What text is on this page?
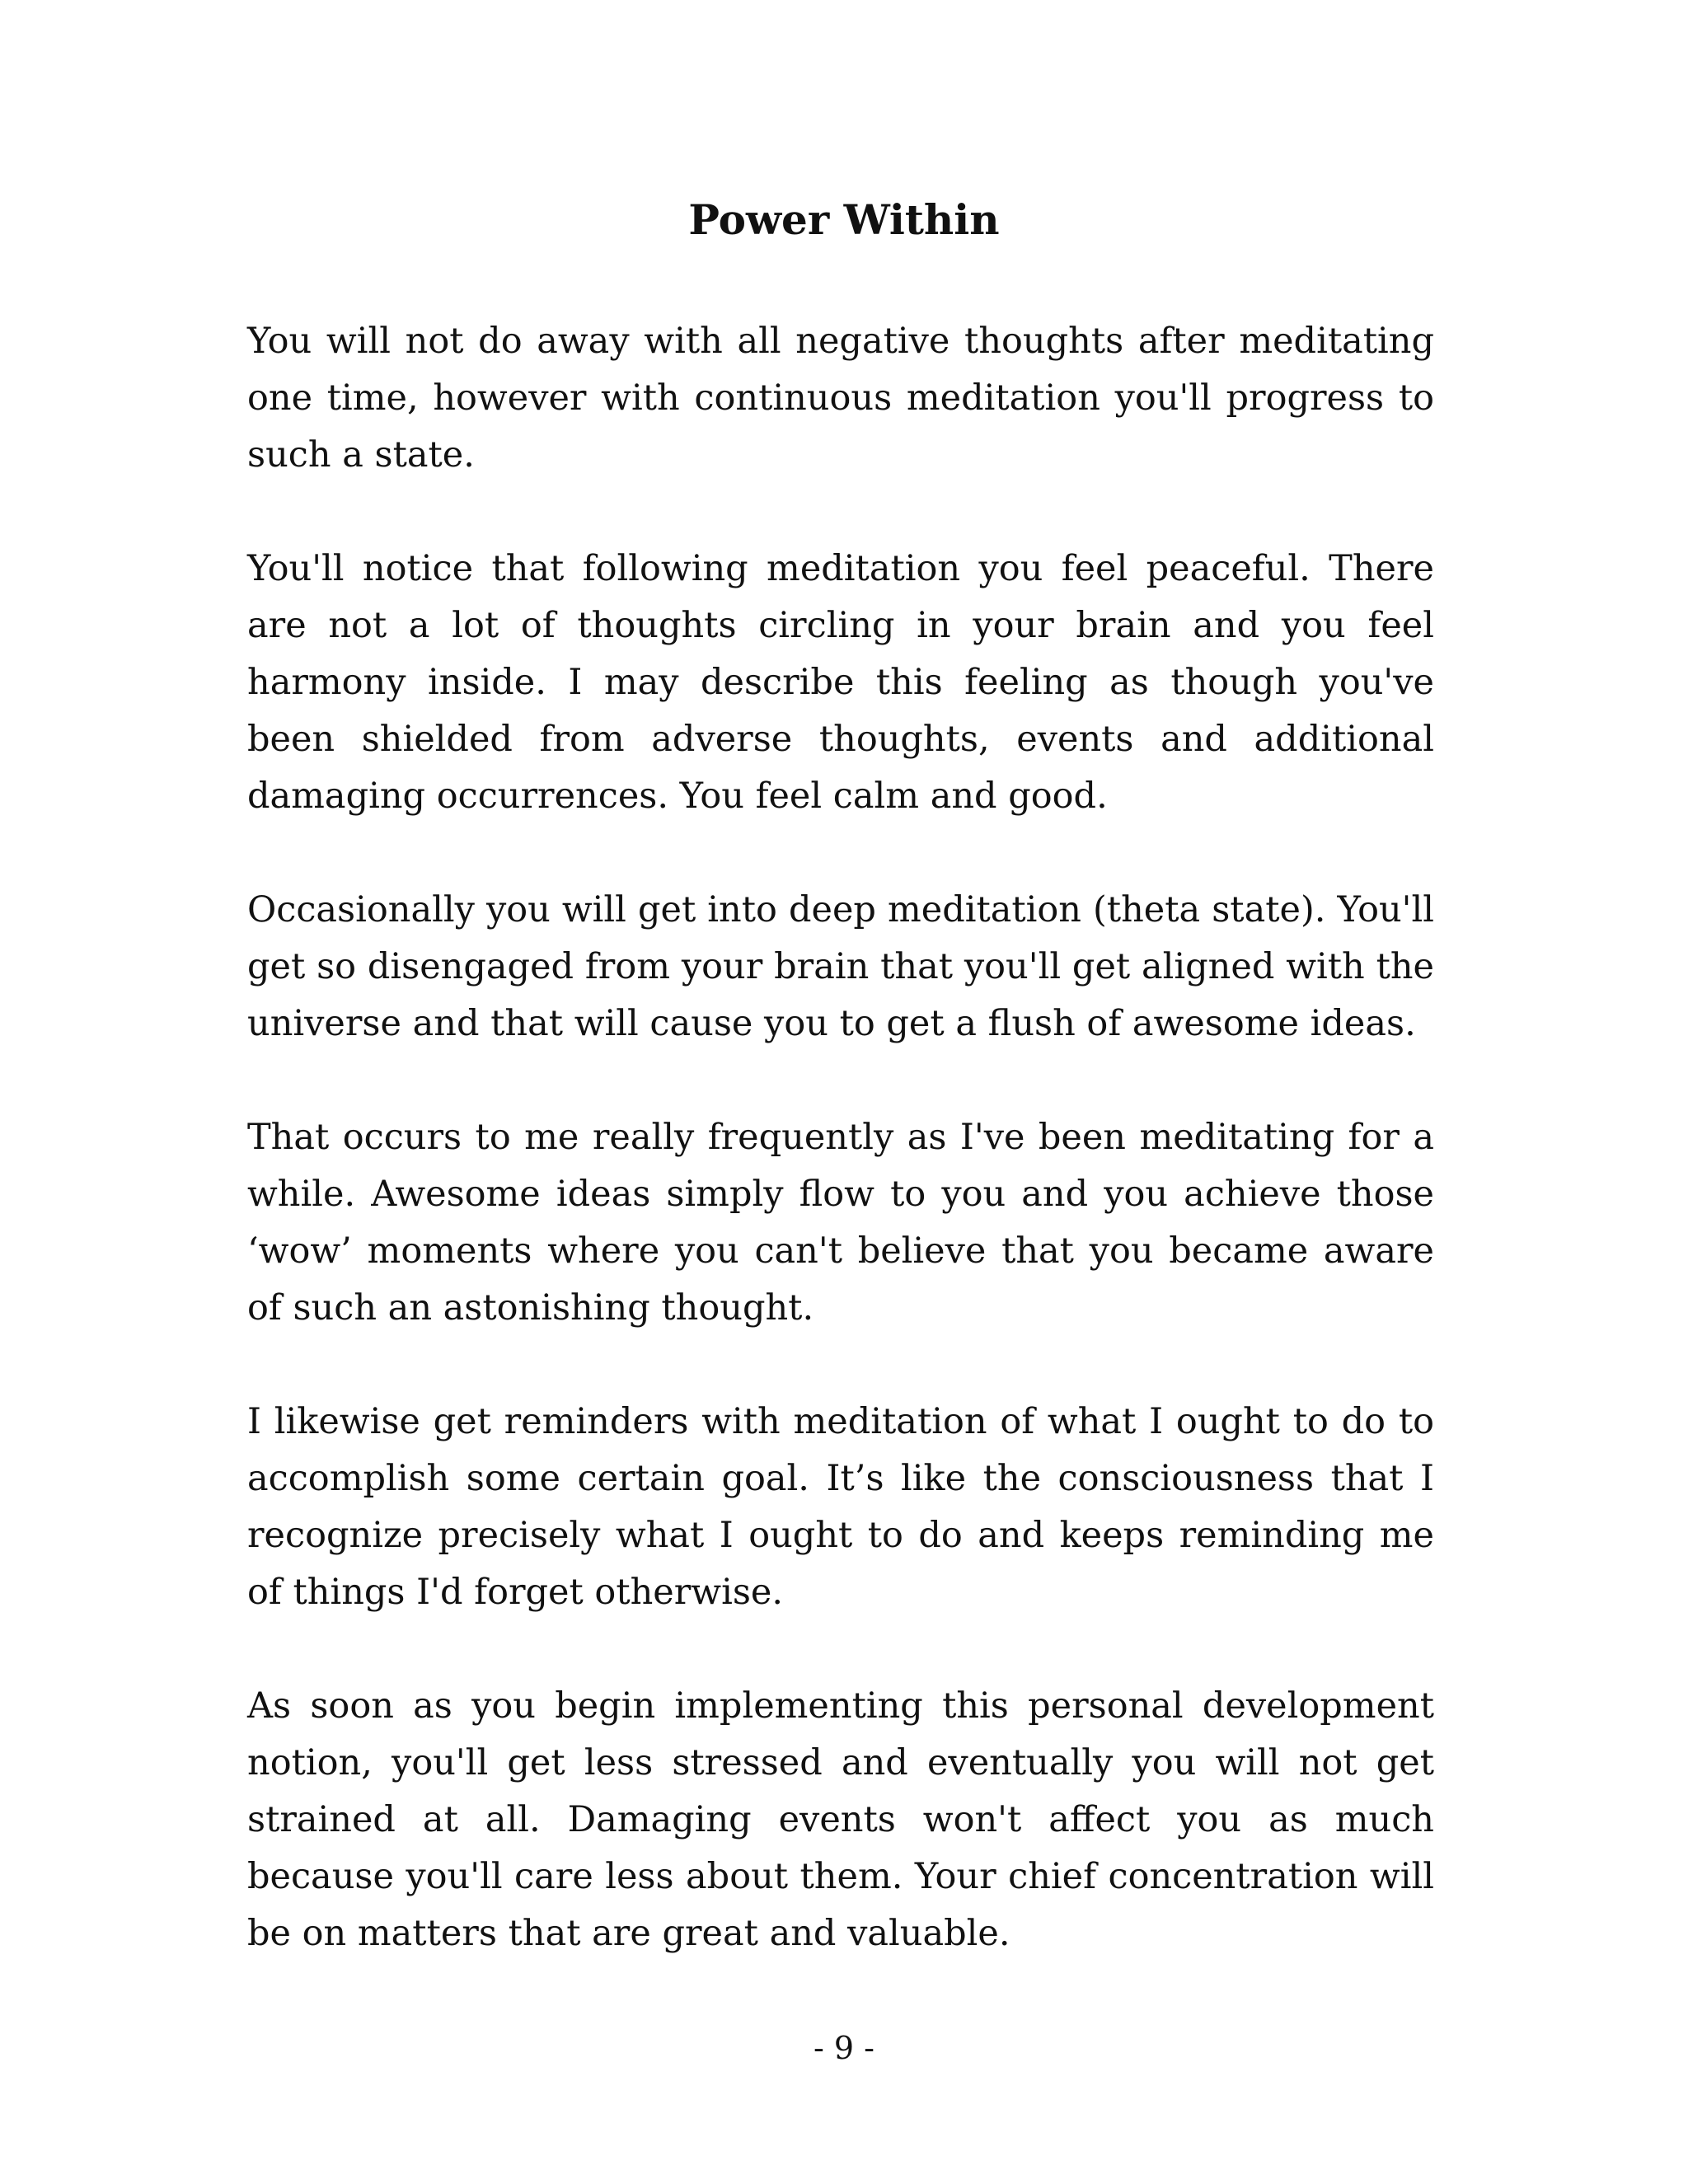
Power Within

You will not do away with all negative thoughts after meditating one time, however with continuous meditation you'll progress to such a state.

You'll notice that following meditation you feel peaceful. There are not a lot of thoughts circling in your brain and you feel harmony inside. I may describe this feeling as though you've been shielded from adverse thoughts, events and additional damaging occurrences. You feel calm and good.

Occasionally you will get into deep meditation (theta state). You'll get so disengaged from your brain that you'll get aligned with the universe and that will cause you to get a flush of awesome ideas.

That occurs to me really frequently as I've been meditating for a while. Awesome ideas simply flow to you and you achieve those ‘wow’ moments where you can't believe that you became aware of such an astonishing thought.

I likewise get reminders with meditation of what I ought to do to accomplish some certain goal. It’s like the consciousness that I recognize precisely what I ought to do and keeps reminding me of things I'd forget otherwise.

As soon as you begin implementing this personal development notion, you'll get less stressed and eventually you will not get strained at all. Damaging events won't affect you as much because you'll care less about them. Your chief concentration will be on matters that are great and valuable.

- 9 -
